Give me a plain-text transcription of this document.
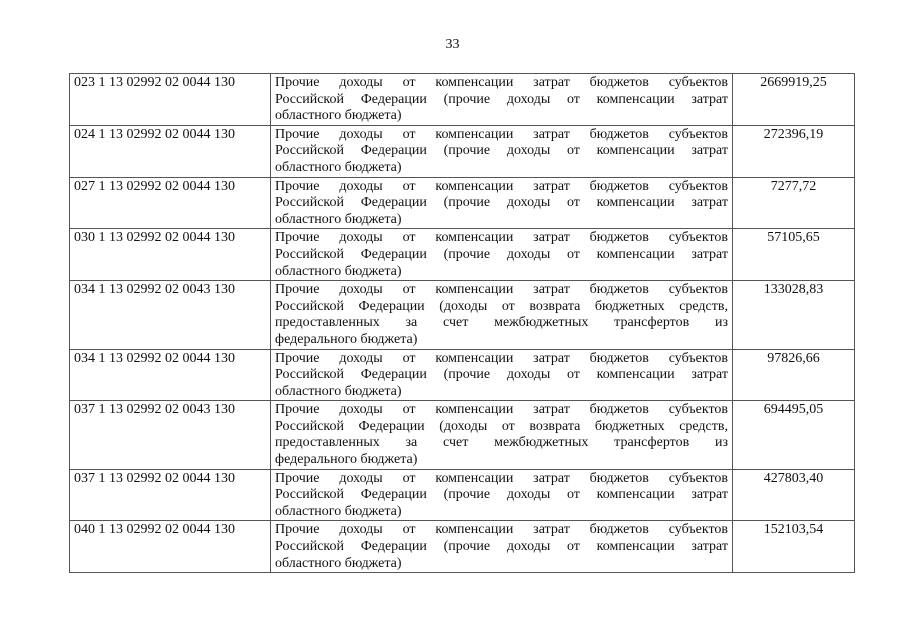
33
023 1 13 02992 02 0044 130	Прочие доходы от компенсации затрат бюджетов субъектов
Российской Федерации (прочие доходы от компенсации затрат
областного бюджета)	2669919,25
024 1 13 02992 02 0044 130	Прочие доходы от компенсации затрат бюджетов субъектов
Российской Федерации (прочие доходы от компенсации затрат
областного бюджета)	272396,19
027 1 13 02992 02 0044 130	Прочие доходы от компенсации затрат бюджетов субъектов
Российской Федерации (прочие доходы от компенсации затрат
областного бюджета)	7277,72
030 1 13 02992 02 0044 130	Прочие доходы от компенсации затрат бюджетов субъектов
Российской Федерации (прочие доходы от компенсации затрат
областного бюджета)	57105,65
034 1 13 02992 02 0043 130	Прочие доходы от компенсации затрат бюджетов субъектов
Российской Федерации (доходы от возврата бюджетных средств,
предоставленных за счет межбюджетных трансфертов из
федерального бюджета)	133028,83
034 1 13 02992 02 0044 130	Прочие доходы от компенсации затрат бюджетов субъектов
Российской Федерации (прочие доходы от компенсации затрат
областного бюджета)	97826,66
037 1 13 02992 02 0043 130	Прочие доходы от компенсации затрат бюджетов субъектов
Российской Федерации (доходы от возврата бюджетных средств,
предоставленных за счет межбюджетных трансфертов из
федерального бюджета)	694495,05
037 1 13 02992 02 0044 130	Прочие доходы от компенсации затрат бюджетов субъектов
Российской Федерации (прочие доходы от компенсации затрат
областного бюджета)	427803,40
040 1 13 02992 02 0044 130	Прочие доходы от компенсации затрат бюджетов субъектов
Российской Федерации (прочие доходы от компенсации затрат
областного бюджета)	152103,54
